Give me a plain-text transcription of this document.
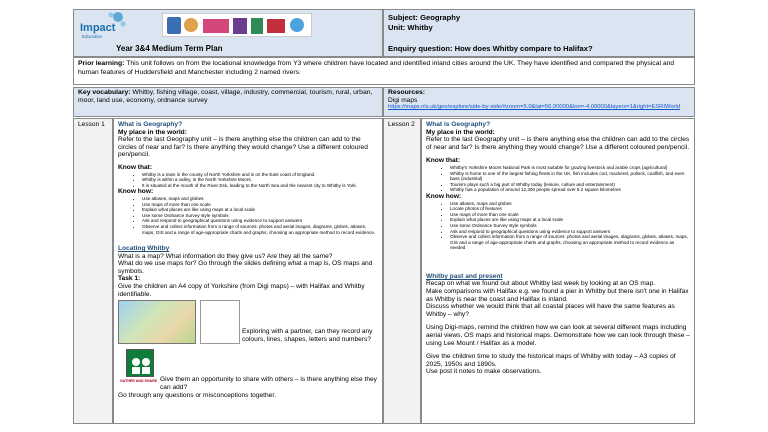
Impact
Education
Year 3&4 Medium Term Plan
Subject: Geography
Unit: Whitby
Enquiry question: How does Whitby compare to Halifax?
Prior learning: This unit follows on from the locational knowledge from Y3 where children have located and identified inland cities around the UK. They have identified and compared the physical and human features of Huddersfield and Manchester including 2 named rivers.
Key vocabulary: Whitby, fishing village, coast, village, industry, commercial, tourism, rural, urban, moor, land use, economy, ordnance survey
Resources:
Digi maps
https://maps.nls.uk/geo/explore/side-by-side/#zoom=5.0&lat=56.00000&lon=-4.00000&layers=1&right=ESRIWorld
Lesson 1	What is Geography?
My place in the world:
Refer to the last Geography unit – is there anything else the children can add to the circles of near and far? Is there anything they would change? Use a different coloured pen/pencil.
Know that:
• Whitby is a town in the county of North Yorkshire and is on the East coast of England.
• Whitby is within a valley, in the North Yorkshire Moors.
• It is situated at the mouth of the River Esk, leading to the North Sea and the nearest city to Whitby is York.
Know how:
• Use atlases, maps and globes
• Use maps of more than one scale
• Explain what places are like using maps at a local scale
• Use some Ordnance Survey style symbols
• Ask and respond to geographical questions using evidence to support answers
• Observe and collect information from a range of sources: photos and aerial images, diagrams, globes, atlases, maps, GIS and a range of age-appropriate charts and graphs, choosing an appropriate method to record evidence.
Locating Whitby
What is a map? What information do they give us? Are they all the same?
What do we use maps for? Go through the slides defining what a map is, OS maps and symbols.
Task 1:
Give the children an A4 copy of Yorkshire (from Digi maps) – with Halifax and Whitby identifiable.
Exploring with a partner, can they record any colours, lines, shapes, letters and numbers?
GATHER AND SHARE Give them an opportunity to share with others – is there anything else they can add?
Go through any questions or misconceptions together.
Lesson 2	What is Geography?
My place in the world:
Refer to the last Geography unit – is there anything else the children can add to the circles of near and far? Is there anything they would change? Use a different coloured pen/pencil.
Know that:
• Whitby's Yorkshire Moors National Park is most suitable for grazing livestock and arable crops (agricultural)
• Whitby is home to one of the largest fishing fleets in the UK, fish includes cod, mackerel, pollock, coalfish, and even bass (industrial)
• Tourism plays such a big part of Whitby today (leisure, culture and entertainment)
• Whitby has a population of around 12,300 people spread over 8.2 square kilometres
Know how:
• Use atlases, maps and globes
• Locate photos of features
• Use maps of more than one scale
• Explain what places are like using maps at a local scale
• Use some Ordnance Survey style symbols
• Ask and respond to geographical questions using evidence to support answers
• Observe and collect information from a range of sources: photos and aerial images, diagrams, globes, atlases, maps, GIS and a range of age-appropriate charts and graphs, choosing an appropriate method to record evidence as needed
Whitby past and present
Recap on what we found out about Whitby last week by looking at an OS map.
Make comparisons with Halifax e.g. we found a pier in Whitby but there isn't one in Halifax as Whitby is near the coast and Halifax is inland.
Discuss whether we would think that all coastal places will have the same features as Whitby – why?
Using Digi-maps, remind the children how we can look at several different maps including aerial views, OS maps and historical maps. Demonstrate how we can look through these – using Lee Mount / Halifax as a model.
Give the children time to study the historical maps of Whitby with today – A3 copies of 2025, 1950s and 1890s.
Use post it notes to make observations.
